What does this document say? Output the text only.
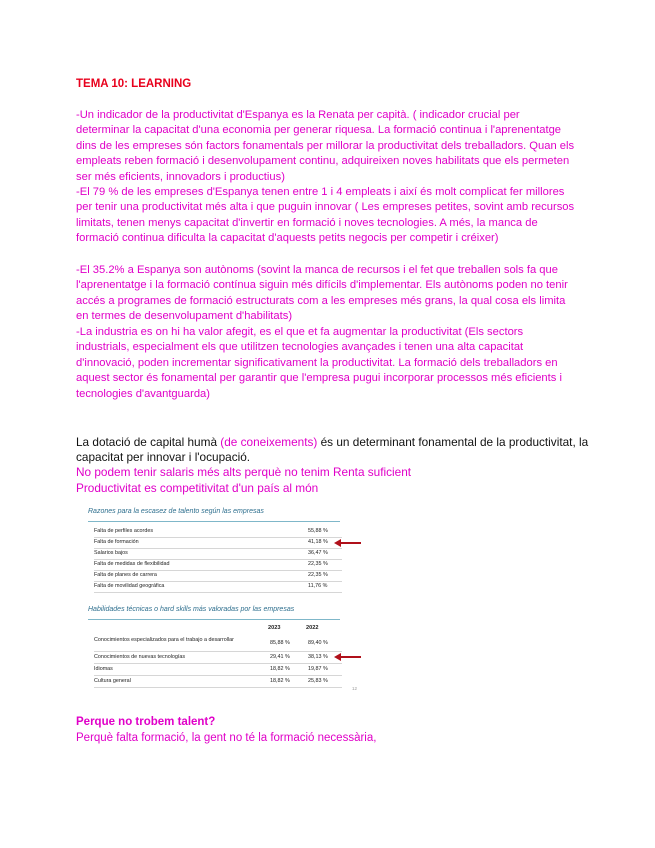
TEMA 10: LEARNING

-Un indicador de la productivitat d'Espanya es la Renata per capità. ( indicador crucial per determinar la capacitat d'una economia per generar riquesa. La formació continua i l'aprenentatge dins de les empreses són factors fonamentals per millorar la productivitat dels treballadors. Quan els empleats reben formació i desenvolupament continu, adquireixen noves habilitats que els permeten ser més eficients, innovadors i productius)

-El 79 % de les empreses d'Espanya tenen entre 1 i 4 empleats i així és molt complicat fer millores per tenir una productivitat més alta i que puguin innovar ( Les empreses petites, sovint amb recursos limitats, tenen menys capacitat d'invertir en formació i noves tecnologies. A més, la manca de formació continua dificulta la capacitat d'aquests petits negocis per competir i créixer)

-El 35.2% a Espanya son autònoms (sovint la manca de recursos i el fet que treballen sols fa que l'aprenentatge i la formació contínua siguin més difícils d'implementar. Els autònoms poden no tenir accés a programes de formació estructurats com a les empreses més grans, la qual cosa els limita en termes de desenvolupament d'habilitats)

-La industria es on hi ha valor afegit, es el que et fa augmentar la productivitat (Els sectors industrials, especialment els que utilitzen tecnologies avançades i tenen una alta capacitat d'innovació, poden incrementar significativament la productivitat. La formació dels treballadors en aquest sector és fonamental per garantir que l'empresa pugui incorporar processos més eficients i tecnologies d'avantguarda)

La dotació de capital humà (de coneixements) és un determinant fonamental de la productivitat, la capacitat per innovar i l'ocupació.

No podem tenir salaris més alts perquè no tenim Renta suficient

Productivitat es competitivitat d'un país al món

Razones para la escasez de talento según las empresas
Falta de perfiles acordes	55,88 %
Falta de formación	41,18 %
Salarios bajos	36,47 %
Falta de medidas de flexibilidad	22,35 %
Falta de planes de carrera	22,35 %
Falta de movilidad geográfica	11,76 %
Habilidades técnicas o hard skills más valoradas por las empresas
2023	2022
Conocimientos especializados para el trabajo a desarrollar	85,88 %	89,40 %
Conocimientos de nuevas tecnologías	29,41 %	38,13 %
Idiomas	18,82 %	19,87 %
Cultura general	18,82 %	25,83 %
12
Perque no trobem talent?
Perquè falta formació, la gent no té la formació necessària,
